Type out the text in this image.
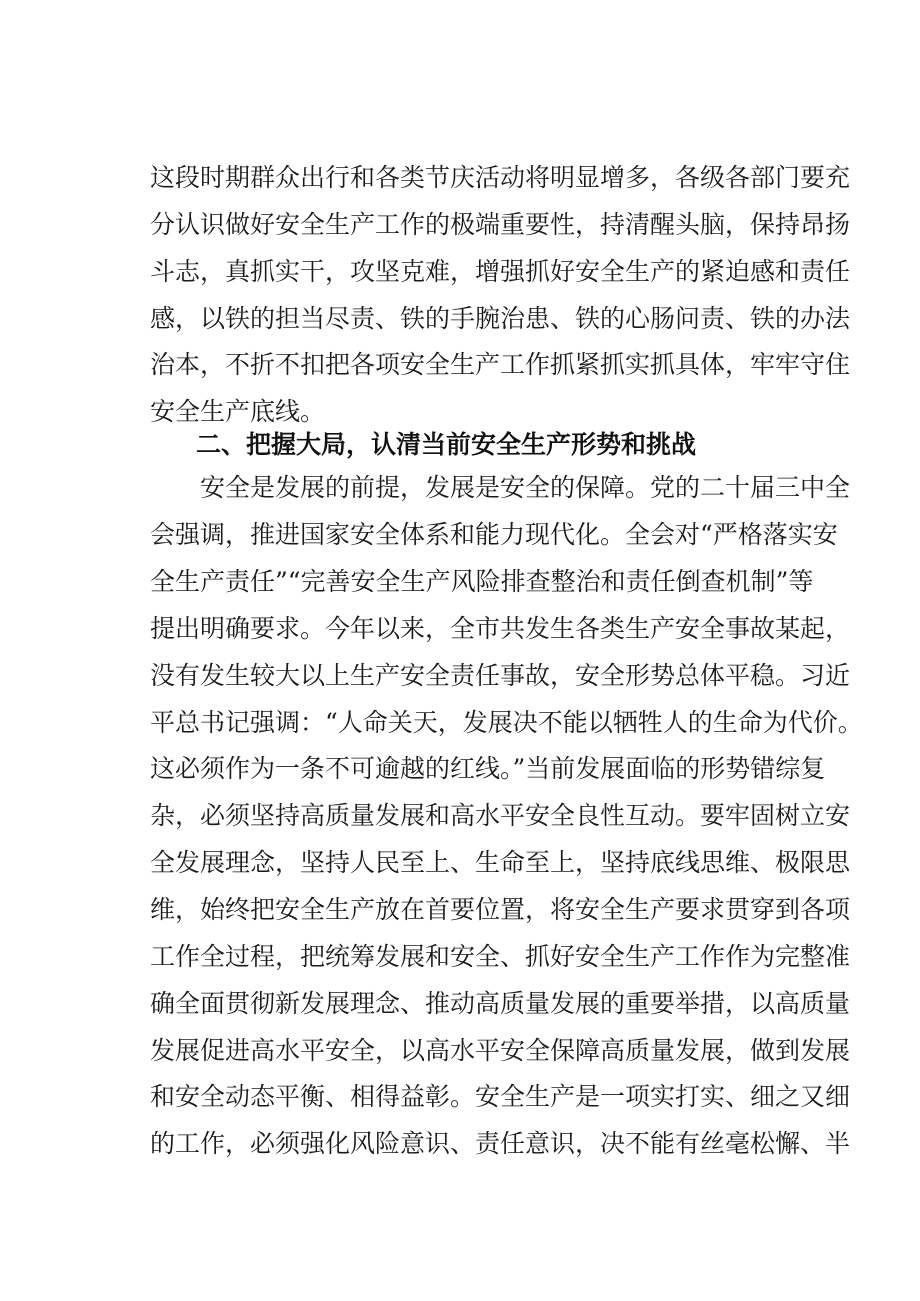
这段时期群众出行和各类节庆活动将明显增多，各级各部门要充

分认识做好安全生产工作的极端重要性，持清醒头脑，保持昂扬

斗志，真抓实干，攻坚克难，增强抓好安全生产的紧迫感和责任

感，以铁的担当尽责、铁的手腕治患、铁的心肠问责、铁的办法

治本，不折不扣把各项安全生产工作抓紧抓实抓具体，牢牢守住

安全生产底线。

二、把握大局，认清当前安全生产形势和挑战

安全是发展的前提，发展是安全的保障。党的二十届三中全

会强调，推进国家安全体系和能力现代化。全会对“严格落实安

全生产责任”“完善安全生产风险排查整治和责任倒查机制”等

提出明确要求。今年以来，全市共发生各类生产安全事故某起，

没有发生较大以上生产安全责任事故，安全形势总体平稳。习近

平总书记强调：“人命关天，发展决不能以牺牲人的生命为代价。

这必须作为一条不可逾越的红线。”当前发展面临的形势错综复

杂，必须坚持高质量发展和高水平安全良性互动。要牢固树立安

全发展理念，坚持人民至上、生命至上，坚持底线思维、极限思

维，始终把安全生产放在首要位置，将安全生产要求贯穿到各项

工作全过程，把统筹发展和安全、抓好安全生产工作作为完整准

确全面贯彻新发展理念、推动高质量发展的重要举措，以高质量

发展促进高水平安全，以高水平安全保障高质量发展，做到发展

和安全动态平衡、相得益彰。安全生产是一项实打实、细之又细

的工作，必须强化风险意识、责任意识，决不能有丝毫松懈、半
